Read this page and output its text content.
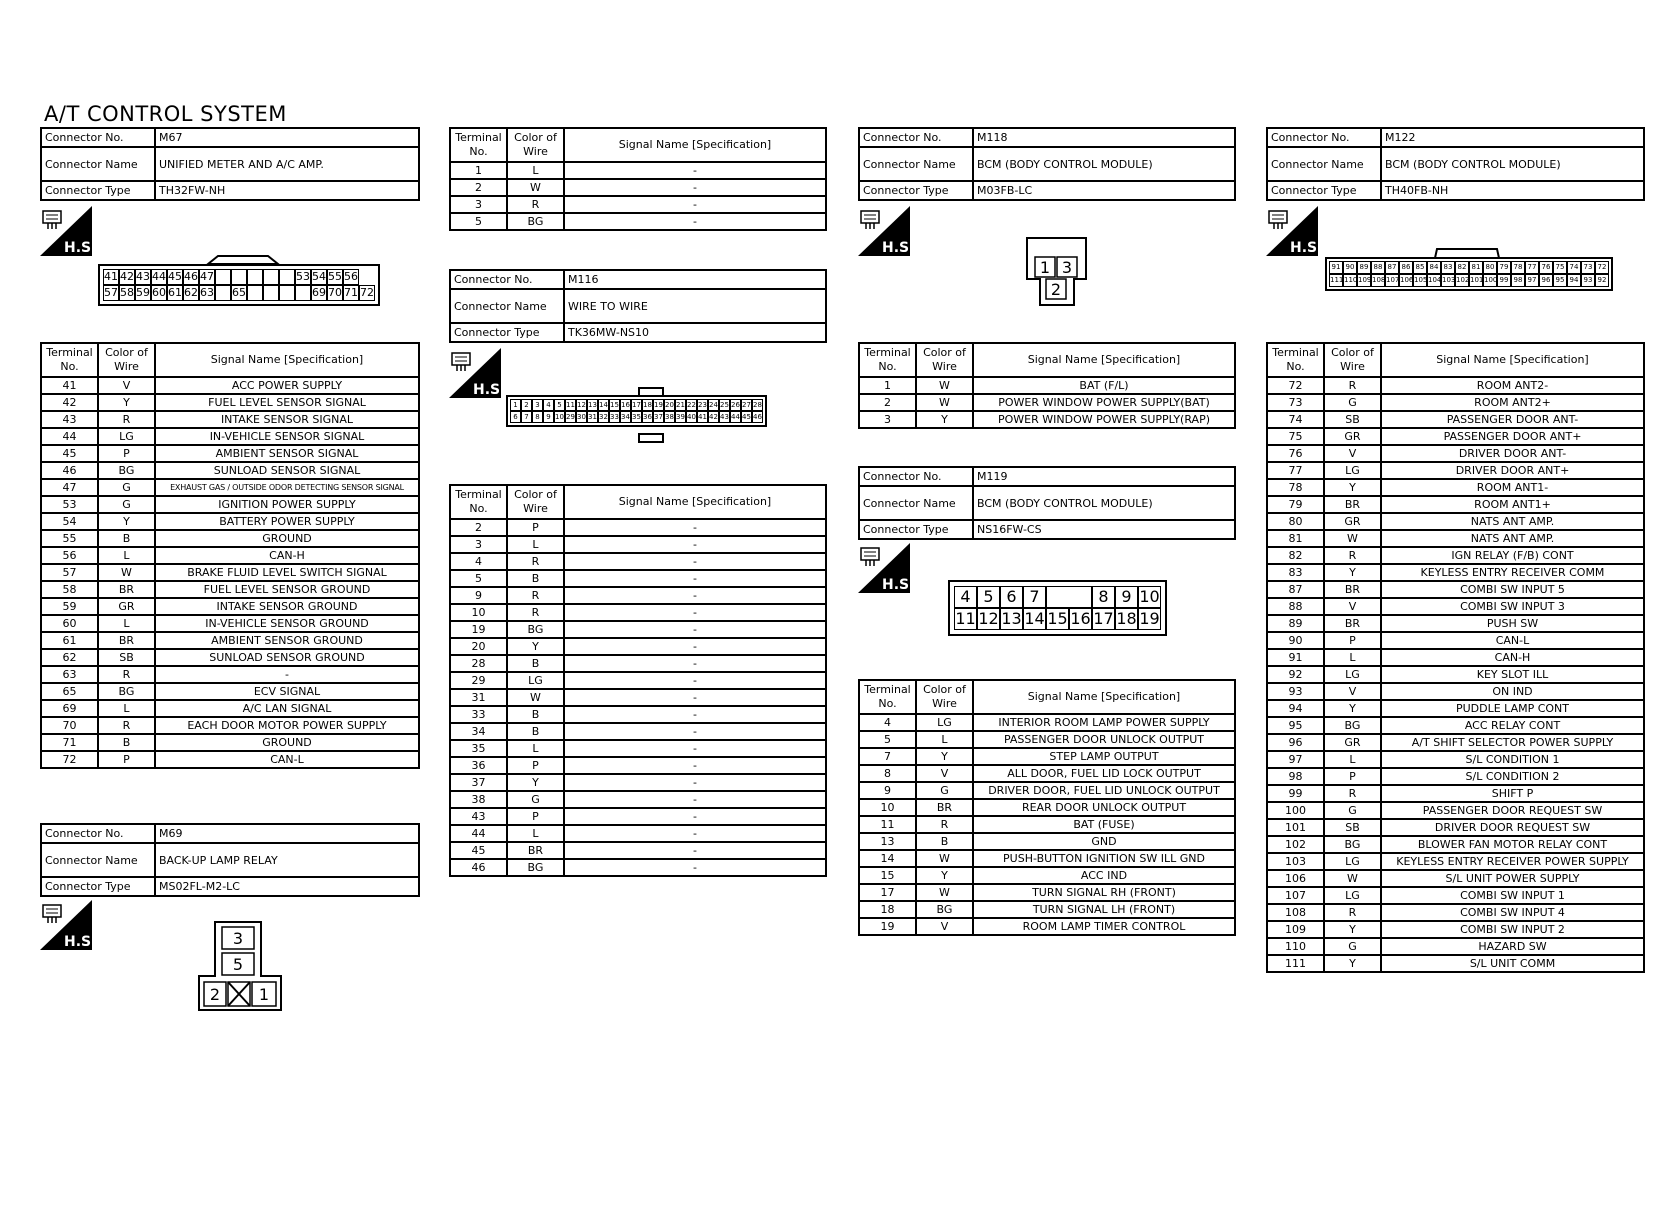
A/T CONTROL SYSTEM
Connector No.	M67
Connector Name	UNIFIED METER AND A/C AMP.
Connector Type	TH32FW-NH
H.S.
41 42 43 44 45 46 47	53 54 55 56
57 58 59 60 61 62 63 65	69 70 71 72
Terminal No.	Color of Wire	Signal Name [Specification]
41	V	ACC POWER SUPPLY
42	Y	FUEL LEVEL SENSOR SIGNAL
43	R	INTAKE SENSOR SIGNAL
44	LG	IN-VEHICLE SENSOR SIGNAL
45	P	AMBIENT SENSOR SIGNAL
46	BG	SUNLOAD SENSOR SIGNAL
47	G	EXHAUST GAS / OUTSIDE ODOR DETECTING SENSOR SIGNAL
53	G	IGNITION POWER SUPPLY
54	Y	BATTERY POWER SUPPLY
55	B	GROUND
56	L	CAN-H
57	W	BRAKE FLUID LEVEL SWITCH SIGNAL
58	BR	FUEL LEVEL SENSOR GROUND
59	GR	INTAKE SENSOR GROUND
60	L	IN-VEHICLE SENSOR GROUND
61	BR	AMBIENT SENSOR GROUND
62	SB	SUNLOAD SENSOR GROUND
63	R	-
65	BG	ECV SIGNAL
69	L	A/C LAN SIGNAL
70	R	EACH DOOR MOTOR POWER SUPPLY
71	B	GROUND
72	P	CAN-L
Connector No.	M69
Connector Name	BACK-UP LAMP RELAY
Connector Type	MS02FL-M2-LC
H.S.	3
5
2 1
Terminal No.	Color of Wire	Signal Name [Specification]
1	L	-
2	W	-
3	R	-
5	BG	-
Connector No.	M116
Connector Name	WIRE TO WIRE
Connector Type	TK36MW-NS10
H.S.
1 2 3 4 5 11 12 13 14 15 16 17 18 19 20 21 22 23 24 25 26 27 28
6 7 8 9 10 29 30 31 32 33 34 35 36 37 38 39 40 41 42 43 44 45 46
Terminal No.	Color of Wire	Signal Name [Specification]
2	P	-
3	L	-
4	R	-
5	B	-
9	R	-
10	R	-
19	BG	-
20	Y	-
28	B	-
29	LG	-
31	W	-
33	B	-
34	B	-
35	L	-
36	P	-
37	Y	-
38	G	-
43	P	-
44	L	-
45	BR	-
46	BG	-
Connector No.	M118
Connector Name	BCM (BODY CONTROL MODULE)
Connector Type	M03FB-LC
H.S.
1 3
2
Terminal No.	Color of Wire	Signal Name [Specification]
1	W	BAT (F/L)
2	W	POWER WINDOW POWER SUPPLY(BAT)
3	Y	POWER WINDOW POWER SUPPLY(RAP)
Connector No.	M119
Connector Name	BCM (BODY CONTROL MODULE)
Connector Type	NS16FW-CS
H.S.
4 5 6 7	8 9 10
11 12 13 14 15 16 17 18 19
Terminal No.	Color of Wire	Signal Name [Specification]
4	LG	INTERIOR ROOM LAMP POWER SUPPLY
5	L	PASSENGER DOOR UNLOCK OUTPUT
7	Y	STEP LAMP OUTPUT
8	V	ALL DOOR, FUEL LID LOCK OUTPUT
9	G	DRIVER DOOR, FUEL LID UNLOCK OUTPUT
10	BR	REAR DOOR UNLOCK OUTPUT
11	R	BAT (FUSE)
13	B	GND
14	W	PUSH-BUTTON IGNITION SW ILL GND
15	Y	ACC IND
17	W	TURN SIGNAL RH (FRONT)
18	BG	TURN SIGNAL LH (FRONT)
19	V	ROOM LAMP TIMER CONTROL
Connector No.	M122
Connector Name	BCM (BODY CONTROL MODULE)
Connector Type	TH40FB-NH
H.S.
91 90 89 88 87 86 85 84 83 82 81 80 79 78 77 76 75 74 73 72
111 110 109 108 107 106 105 104 103 102 101 100 99 98 97 96 95 94 93 92
Terminal No.	Color of Wire	Signal Name [Specification]
72	R	ROOM ANT2-
73	G	ROOM ANT2+
74	SB	PASSENGER DOOR ANT-
75	GR	PASSENGER DOOR ANT+
76	V	DRIVER DOOR ANT-
77	LG	DRIVER DOOR ANT+
78	Y	ROOM ANT1-
79	BR	ROOM ANT1+
80	GR	NATS ANT AMP.
81	W	NATS ANT AMP.
82	R	IGN RELAY (F/B) CONT
83	Y	KEYLESS ENTRY RECEIVER COMM
87	BR	COMBI SW INPUT 5
88	V	COMBI SW INPUT 3
89	BR	PUSH SW
90	P	CAN-L
91	L	CAN-H
92	LG	KEY SLOT ILL
93	V	ON IND
94	Y	PUDDLE LAMP CONT
95	BG	ACC RELAY CONT
96	GR	A/T SHIFT SELECTOR POWER SUPPLY
97	L	S/L CONDITION 1
98	P	S/L CONDITION 2
99	R	SHIFT P
100	G	PASSENGER DOOR REQUEST SW
101	SB	DRIVER DOOR REQUEST SW
102	BG	BLOWER FAN MOTOR RELAY CONT
103	LG	KEYLESS ENTRY RECEIVER POWER SUPPLY
106	W	S/L UNIT POWER SUPPLY
107	LG	COMBI SW INPUT 1
108	R	COMBI SW INPUT 4
109	Y	COMBI SW INPUT 2
110	G	HAZARD SW
111	Y	S/L UNIT COMM
